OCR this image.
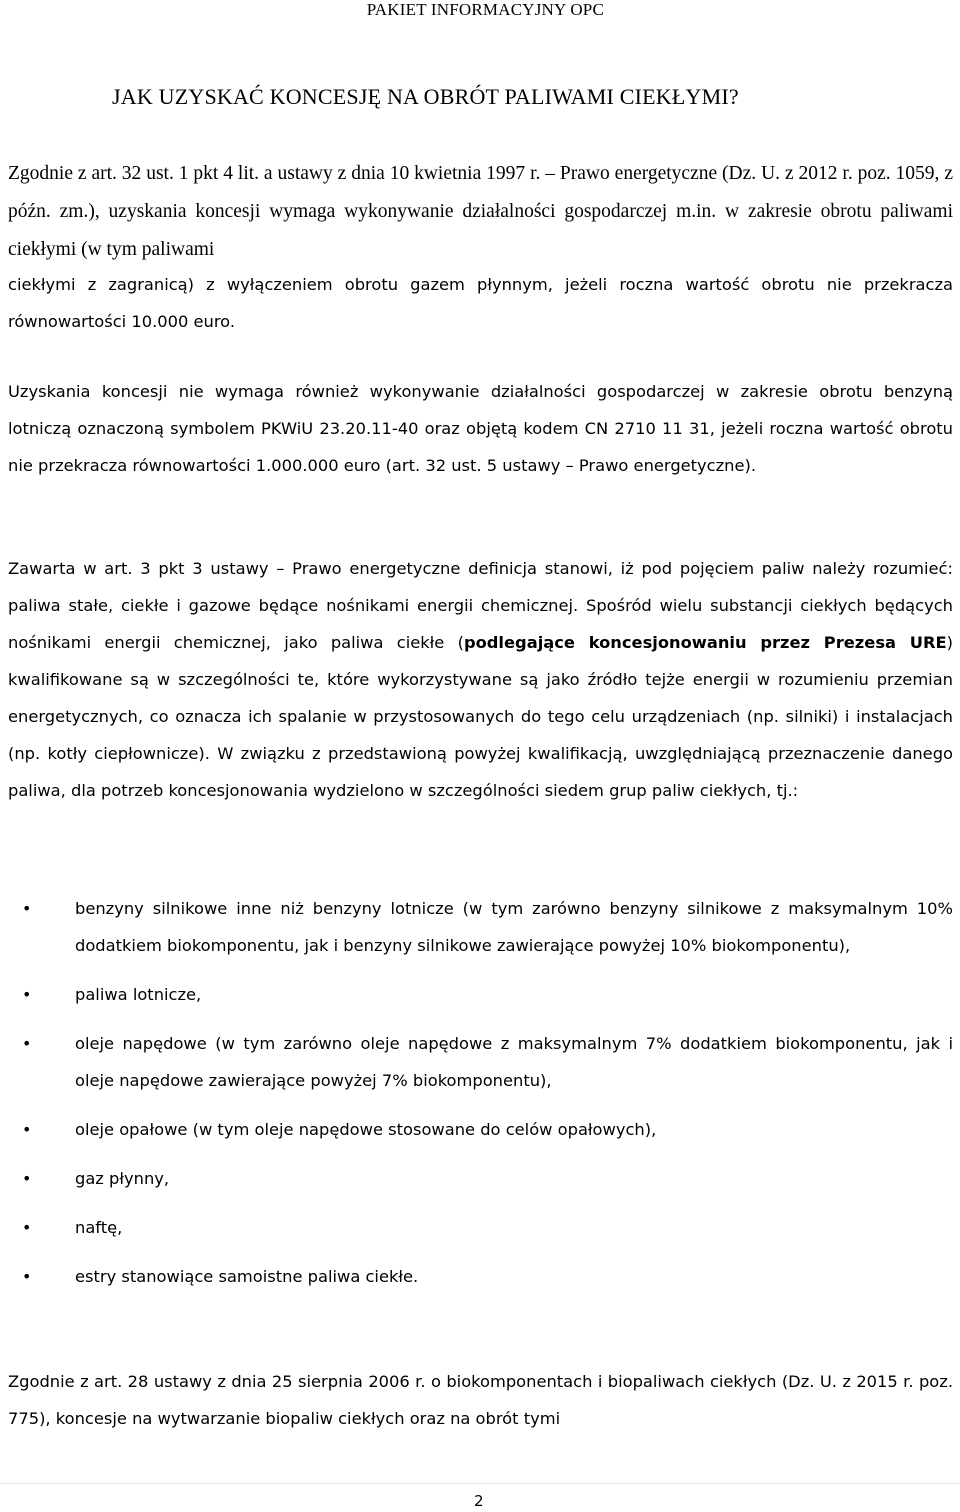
PAKIET INFORMACYJNY OPC
JAK UZYSKAĆ KONCESJĘ NA OBRÓT PALIWAMI CIEKŁYMI?

Zgodnie z art. 32 ust. 1 pkt 4 lit. a ustawy z dnia 10 kwietnia 1997 r. – Prawo energetyczne (Dz. U. z 2012 r. poz. 1059, z późn. zm.), uzyskania koncesji wymaga wykonywanie działalności gospodarczej m.in. w zakresie obrotu paliwami ciekłymi (w tym paliwami

ciekłymi z zagranicą) z wyłączeniem obrotu gazem płynnym, jeżeli roczna wartość obrotu nie przekracza równowartości 10.000 euro.

Uzyskania koncesji nie wymaga również wykonywanie działalności gospodarczej w zakresie obrotu benzyną lotniczą oznaczoną symbolem PKWiU 23.20.11-40 oraz objętą kodem CN 2710 11 31, jeżeli roczna wartość obrotu nie przekracza równowartości 1.000.000 euro (art. 32 ust. 5 ustawy – Prawo energetyczne).

Zawarta w art. 3 pkt 3 ustawy – Prawo energetyczne definicja stanowi, iż pod pojęciem paliw należy rozumieć: paliwa stałe, ciekłe i gazowe będące nośnikami energii chemicznej. Spośród wielu substancji ciekłych będących nośnikami energii chemicznej, jako paliwa ciekłe (podlegające koncesjonowaniu przez Prezesa URE) kwalifikowane są w szczególności te, które wykorzystywane są jako źródło tejże energii w rozumieniu przemian energetycznych, co oznacza ich spalanie w przystosowanych do tego celu urządzeniach (np. silniki) i instalacjach (np. kotły ciepłownicze). W związku z przedstawioną powyżej kwalifikacją, uwzględniającą przeznaczenie danego paliwa, dla potrzeb koncesjonowania wydzielono w szczególności siedem grup paliw ciekłych, tj.:

•	benzyny silnikowe inne niż benzyny lotnicze (w tym zarówno benzyny silnikowe z maksymalnym 10% dodatkiem biokomponentu, jak i benzyny silnikowe zawierające powyżej 10% biokomponentu),
•	paliwa lotnicze,
•	oleje napędowe (w tym zarówno oleje napędowe z maksymalnym 7% dodatkiem biokomponentu, jak i oleje napędowe zawierające powyżej 7% biokomponentu),
•	oleje opałowe (w tym oleje napędowe stosowane do celów opałowych),
•	gaz płynny,
•	naftę,
•	estry stanowiące samoistne paliwa ciekłe.

Zgodnie z art. 28 ustawy z dnia 25 sierpnia 2006 r. o biokomponentach i biopaliwach ciekłych (Dz. U. z 2015 r. poz. 775), koncesje na wytwarzanie biopaliw ciekłych oraz na obrót tymi

2
